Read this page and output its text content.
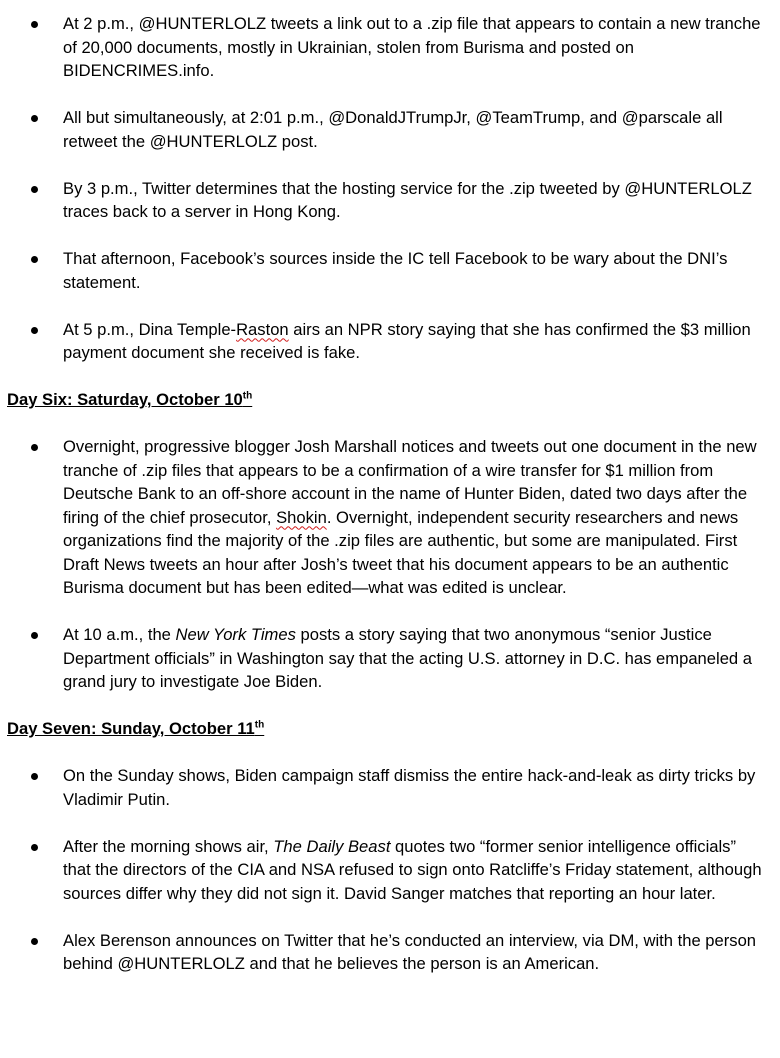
At 2 p.m., @HUNTERLOLZ tweets a link out to a .zip file that appears to contain a new tranche of 20,000 documents, mostly in Ukrainian, stolen from Burisma and posted on BIDENCRIMES.info.
All but simultaneously, at 2:01 p.m., @DonaldJTrumpJr, @TeamTrump, and @parscale all retweet the @HUNTERLOLZ post.
By 3 p.m., Twitter determines that the hosting service for the .zip tweeted by @HUNTERLOLZ traces back to a server in Hong Kong.
That afternoon, Facebook’s sources inside the IC tell Facebook to be wary about the DNI’s statement.
At 5 p.m., Dina Temple-Raston airs an NPR story saying that she has confirmed the $3 million payment document she received is fake.
Day Six: Saturday, October 10th
Overnight, progressive blogger Josh Marshall notices and tweets out one document in the new tranche of .zip files that appears to be a confirmation of a wire transfer for $1 million from Deutsche Bank to an off-shore account in the name of Hunter Biden, dated two days after the firing of the chief prosecutor, Shokin. Overnight, independent security researchers and news organizations find the majority of the .zip files are authentic, but some are manipulated. First Draft News tweets an hour after Josh’s tweet that his document appears to be an authentic Burisma document but has been edited—what was edited is unclear.
At 10 a.m., the New York Times posts a story saying that two anonymous “senior Justice Department officials” in Washington say that the acting U.S. attorney in D.C. has empaneled a grand jury to investigate Joe Biden.
Day Seven: Sunday, October 11th
On the Sunday shows, Biden campaign staff dismiss the entire hack-and-leak as dirty tricks by Vladimir Putin.
After the morning shows air, The Daily Beast quotes two “former senior intelligence officials” that the directors of the CIA and NSA refused to sign onto Ratcliffe’s Friday statement, although sources differ why they did not sign it. David Sanger matches that reporting an hour later.
Alex Berenson announces on Twitter that he’s conducted an interview, via DM, with the person behind @HUNTERLOLZ and that he believes the person is an American.
